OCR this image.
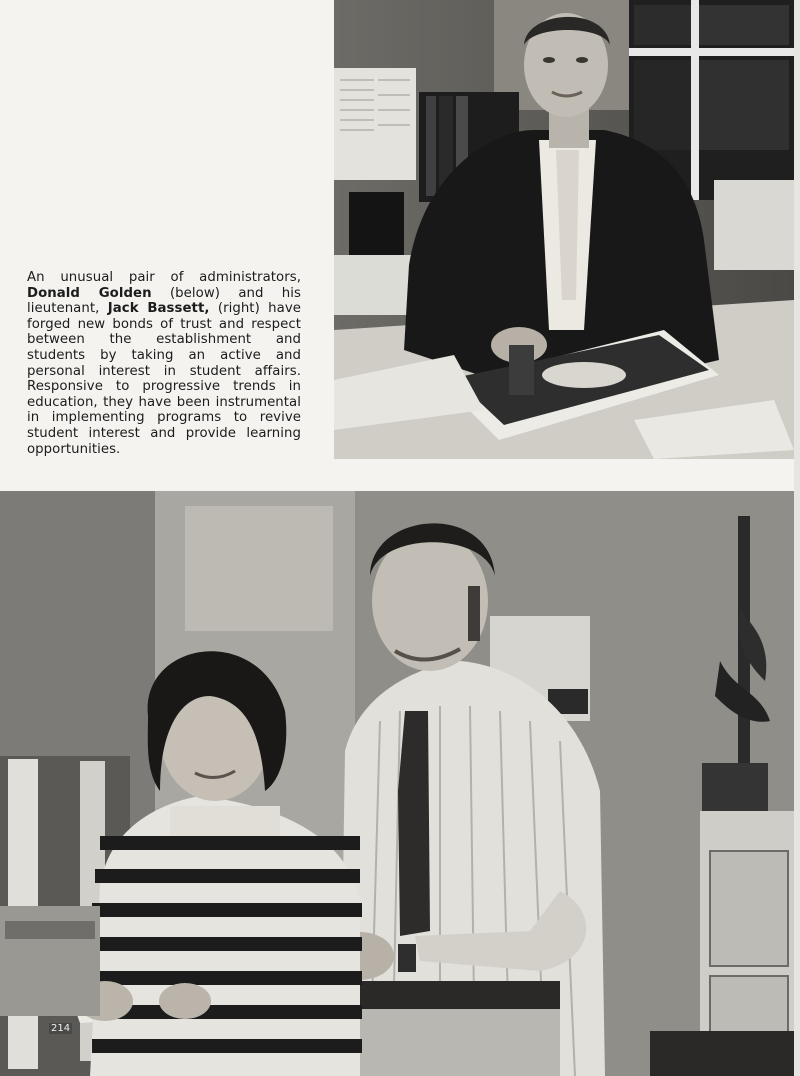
An unusual pair of administrators, Donald Golden (below) and his lieutenant, Jack Bassett, (right) have forged new bonds of trust and respect between the establishment and students by taking an active and personal interest in student affairs. Responsive to progressive trends in education, they have been instrumental in implementing programs to revive student interest and provide learning opportunities.
214
